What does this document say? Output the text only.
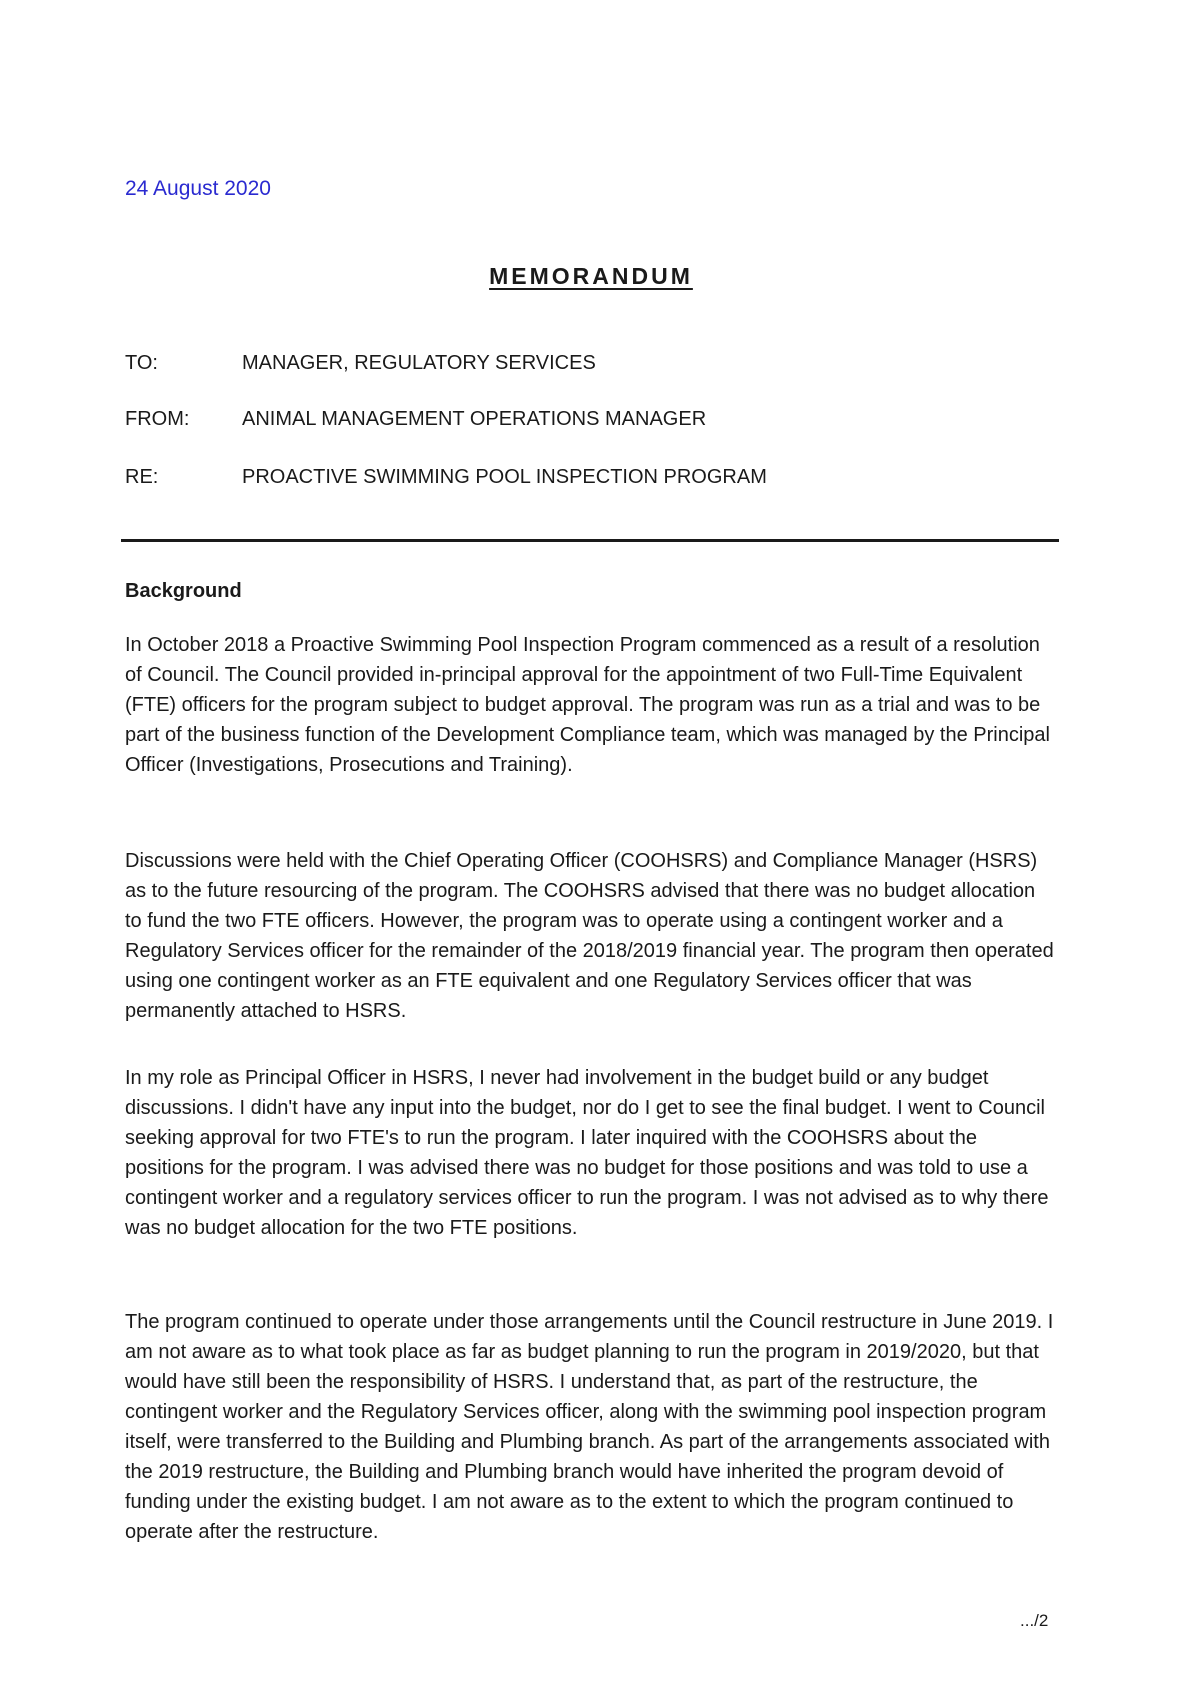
24 August 2020
MEMORANDUM
TO:	MANAGER, REGULATORY SERVICES
FROM:	ANIMAL MANAGEMENT OPERATIONS MANAGER
RE:	PROACTIVE SWIMMING POOL INSPECTION PROGRAM
Background

In October 2018 a Proactive Swimming Pool Inspection Program commenced as a result of a resolution of Council. The Council provided in-principal approval for the appointment of two Full-Time Equivalent (FTE) officers for the program subject to budget approval. The program was run as a trial and was to be part of the business function of the Development Compliance team, which was managed by the Principal Officer (Investigations, Prosecutions and Training).

Discussions were held with the Chief Operating Officer (COOHSRS) and Compliance Manager (HSRS) as to the future resourcing of the program. The COOHSRS advised that there was no budget allocation to fund the two FTE officers. However, the program was to operate using a contingent worker and a Regulatory Services officer for the remainder of the 2018/2019 financial year. The program then operated using one contingent worker as an FTE equivalent and one Regulatory Services officer that was permanently attached to HSRS.

In my role as Principal Officer in HSRS, I never had involvement in the budget build or any budget discussions. I didn't have any input into the budget, nor do I get to see the final budget. I went to Council seeking approval for two FTE's to run the program. I later inquired with the COOHSRS about the positions for the program. I was advised there was no budget for those positions and was told to use a contingent worker and a regulatory services officer to run the program. I was not advised as to why there was no budget allocation for the two FTE positions.

The program continued to operate under those arrangements until the Council restructure in June 2019. I am not aware as to what took place as far as budget planning to run the program in 2019/2020, but that would have still been the responsibility of HSRS. I understand that, as part of the restructure, the contingent worker and the Regulatory Services officer, along with the swimming pool inspection program itself, were transferred to the Building and Plumbing branch. As part of the arrangements associated with the 2019 restructure, the Building and Plumbing branch would have inherited the program devoid of funding under the existing budget. I am not aware as to the extent to which the program continued to operate after the restructure.

.../2
